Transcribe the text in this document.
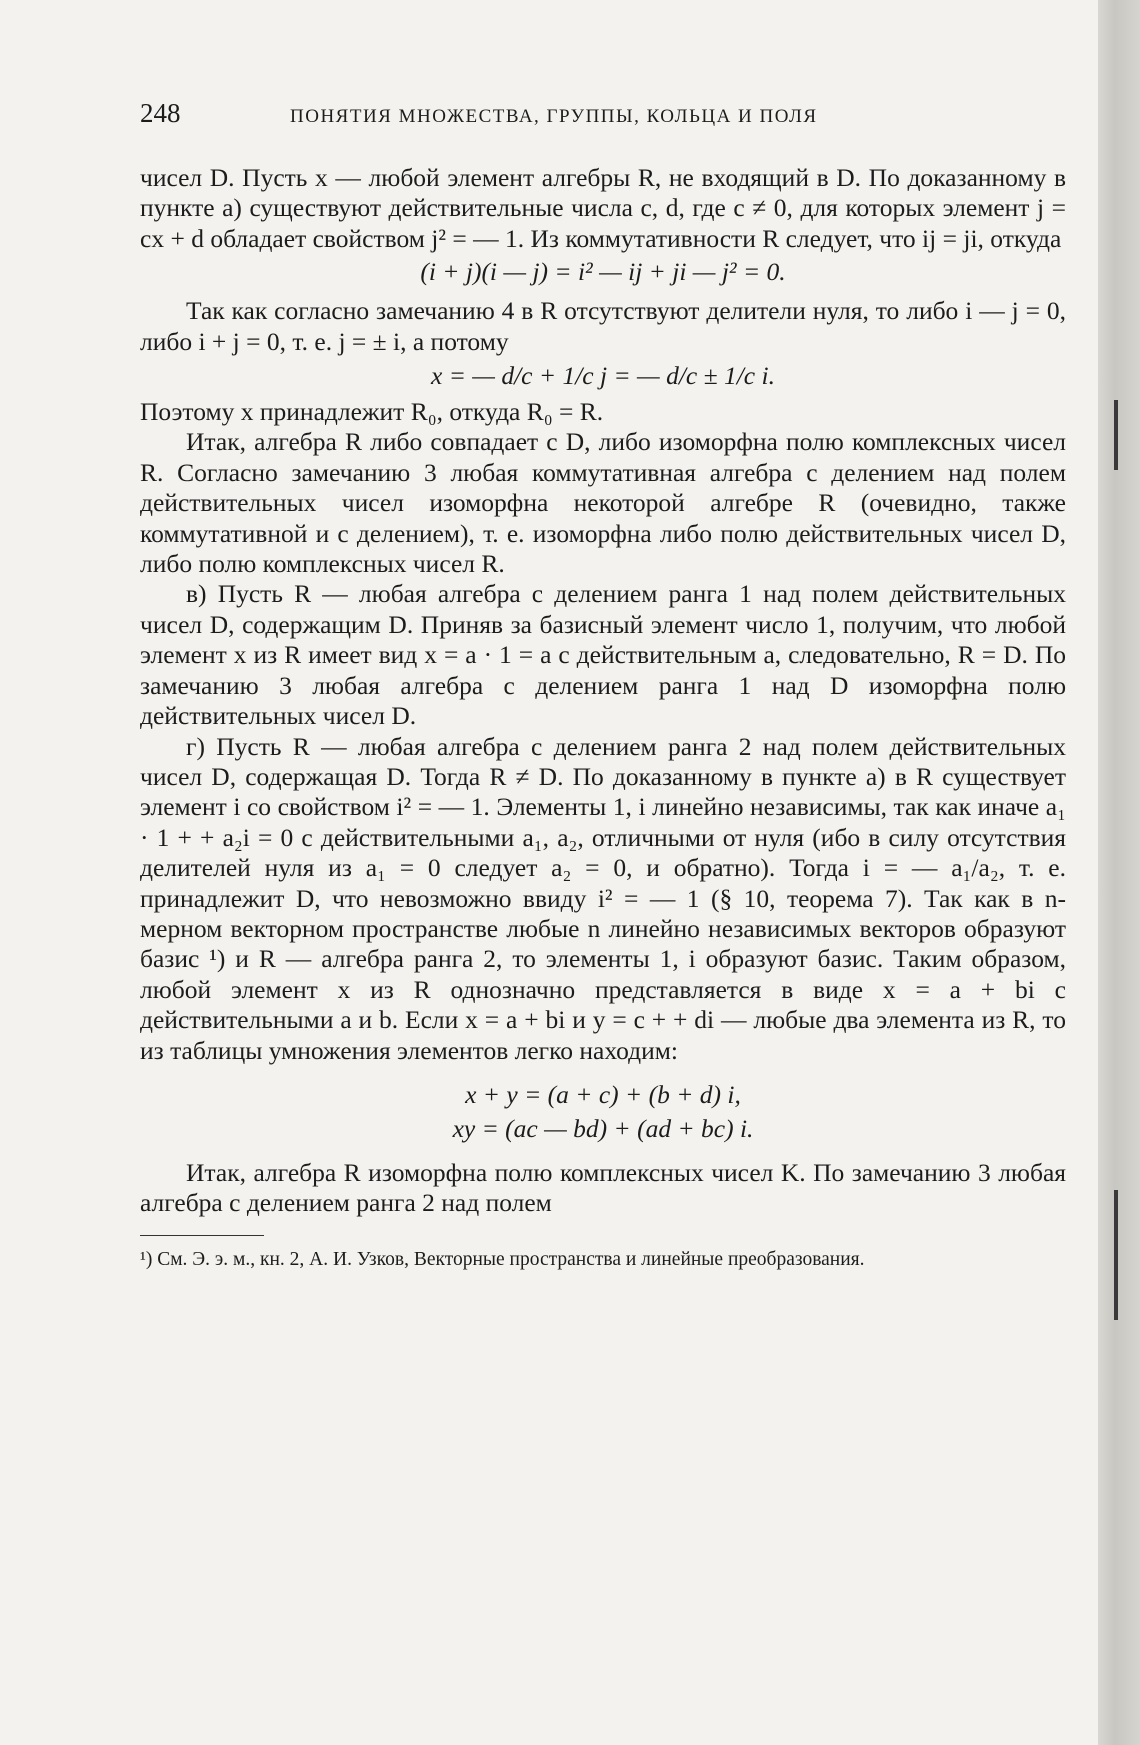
248	ПОНЯТИЯ МНОЖЕСТВА, ГРУППЫ, КОЛЬЦА И ПОЛЯ

чисел D. Пусть x — любой элемент алгебры R, не входящий в D. По доказанному в пункте а) существуют действительные числа c, d, где c ≠ 0, для которых элемент j = cx + d обладает свойством j² = — 1. Из коммутативности R следует, что ij = ji, откуда

(i + j)(i — j) = i² — ij + ji — j² = 0.

Так как согласно замечанию 4 в R отсутствуют делители нуля, то либо i — j = 0, либо i + j = 0, т. е. j = ± i, а потому

x = — d/c + 1/c j = — d/c ± 1/c i.

Поэтому x принадлежит R₀, откуда R₀ = R.

Итак, алгебра R либо совпадает с D, либо изоморфна полю комплексных чисел R. Согласно замечанию 3 любая коммутативная алгебра с делением над полем действительных чисел изоморфна некоторой алгебре R (очевидно, также коммутативной и с делением), т. е. изоморфна либо полю действительных чисел D, либо полю комплексных чисел R.

в) Пусть R — любая алгебра с делением ранга 1 над полем действительных чисел D, содержащим D. Приняв за базисный элемент число 1, получим, что любой элемент x из R имеет вид x = a · 1 = a с действительным a, следовательно, R = D. По замечанию 3 любая алгебра с делением ранга 1 над D изоморфна полю действительных чисел D.

г) Пусть R — любая алгебра с делением ранга 2 над полем действительных чисел D, содержащая D. Тогда R ≠ D. По доказанному в пункте а) в R существует элемент i со свойством i² = — 1. Элементы 1, i линейно независимы, так как иначе a₁ · 1 + + a₂i = 0 с действительными a₁, a₂, отличными от нуля (ибо в силу отсутствия делителей нуля из a₁ = 0 следует a₂ = 0, и обратно). Тогда i = — a₁/a₂, т. е. принадлежит D, что невозможно ввиду i² = — 1 (§ 10, теорема 7). Так как в n-мерном векторном пространстве любые n линейно независимых векторов образуют базис ¹) и R — алгебра ранга 2, то элементы 1, i образуют базис. Таким образом, любой элемент x из R однозначно представляется в виде x = a + bi с действительными a и b. Если x = a + bi и y = c + + di — любые два элемента из R, то из таблицы умножения элементов легко находим:

x + y = (a + c) + (b + d) i,
xy = (ac — bd) + (ad + bc) i.

Итак, алгебра R изоморфна полю комплексных чисел K. По замечанию 3 любая алгебра с делением ранга 2 над полем

¹) См. Э. э. м., кн. 2, А. И. Узков, Векторные пространства и линейные преобразования.
